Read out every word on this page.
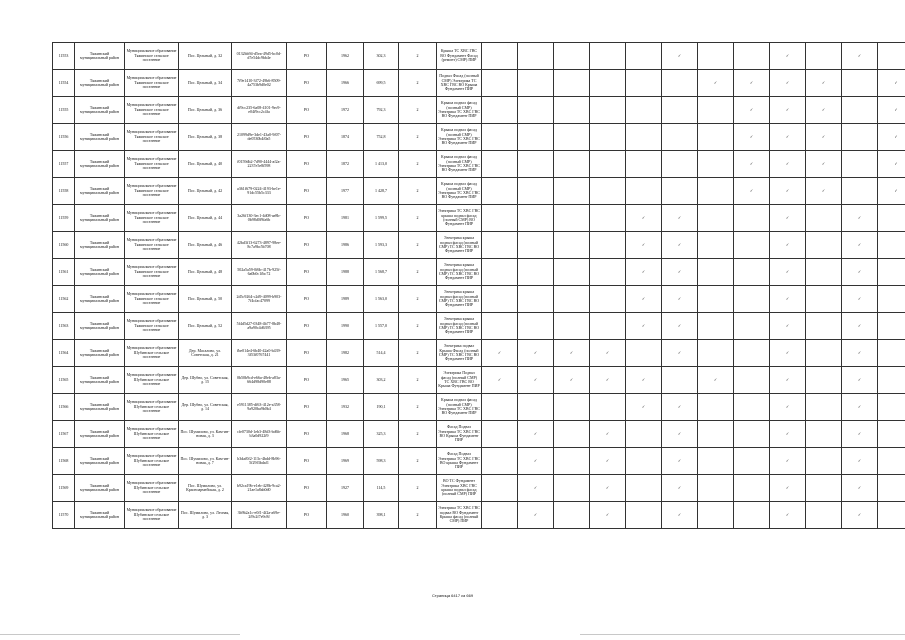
11553	Тяжинский муниципальный район	Муниципальное образование Тяжинское сельское поселение	Пос. Цельный, д. 32	0132bb94-d5ea-49d5-bc0d-d7e54dc9bb4e	РО	1962	302,3	2	Крыша ТС ХВС ГВС ВО Фундамент Фасад (ремонт) СМР) ПИР						✓			✓		✓	
11554	Тяжинский муниципальный район	Муниципальное образование Тяжинское сельское поселение	Пос. Цельный, д. 34	7f9e1410-3f72-49b6-8509-4a753b9d0e02	РО	1966	699,5	2	Подвал Фасад (полный СМР) Электрика ТС ХВС ГВС ВО Крыша Фундамент ПИР							✓	✓	✓	✓		✓
11555	Тяжинский муниципальный район	Муниципальное образование Тяжинское сельское поселение	Пос. Цельный, д. 36	df9cc235-6a08-4101-9ec9-e04f9cc2c4fa	РО	1972	792,3	2	Крыша подвал фасад (полный СМР) Электрика ТС ХВС ГВС ВО Фундамент ПИР								✓	✓	✓		✓
11556	Тяжинский муниципальный район	Муниципальное образование Тяжинское сельское поселение	Пос. Цельный, д. 38	21099d9e-3de1-43a0-9f07-de0530b4f0a5	РО	1874	752,8	2	Крыша подвал фасад (полный СМР) Электрика ТС ХВС ГВС ВО Фундамент ПИР								✓	✓	✓		✓
11557	Тяжинский муниципальный район	Муниципальное образование Тяжинское сельское поселение	Пос. Цельный, д. 40	f0159db2-7d90-4444-af2a-2237e5e8f598	РО	1872	1 413,0	2	Крыша подвал фасад (полный СМР) Электрика ТС ХВС ГВС ВО Фундамент ПИР								✓	✓	✓		✓
11558	Тяжинский муниципальный район	Муниципальное образование Тяжинское сельское поселение	Пос. Цельный, д. 42	a361f679-0224-4193-be1e-91dc55b5c333	РО	1977	1 428,7	2	Крыша подвал фасад (полный СМР) Электрика ТС ХВС ГВС ВО Фундамент ПИР								✓	✓	✓		✓
11559	Тяжинский муниципальный район	Муниципальное образование Тяжинское сельское поселение	Пос. Цельный, д. 44	3a26f130-3ec1-4d08-ae8b-0b98d0f9fa6b	РО	1981	1 599,5	2	Электрика ТС ХВС ГВС крыша подвал фасад (полный СМР) ВО Фундамент ПИР					✓	✓			✓		✓	
11560	Тяжинский муниципальный район	Муниципальное образование Тяжинское сельское поселение	Пос. Цельный, д. 46	42bd3f13-6273-4897-98ee-8c7a9bc5b708	РО	1986	1 593,3	2	Электрика крыша подвал фасад (полный СМР) ТС ХВС ГВС ВО Фундамент ПИР					✓	✓			✓		✓	
11561	Тяжинский муниципальный район	Муниципальное образование Тяжинское сельское поселение	Пос. Цельный, д. 48	502a5a59-0f6b-417b-925f-6a0b0c1fbc72	РО	1988	1 568,7	2	Электрика крыша подвал фасад (полный СМР) ТС ХВС ГВС ВО Фундамент ПИР					✓	✓			✓		✓	
11562	Тяжинский муниципальный район	Муниципальное образование Тяжинское сельское поселение	Пос. Цельный, д. 50	2d5c9264-c2d9-4099-b903-7f4cfac47099	РО	1989	1 563,0	2	Электрика крыша подвал фасад (полный СМР) ТС ХВС ГВС ВО Фундамент ПИР					✓	✓			✓		✓	
11563	Тяжинский муниципальный район	Муниципальное образование Тяжинское сельское поселение	Пос. Цельный, д. 52	5f4d5d27-0348-4b77-8b48-a9a90c4d6395	РО	1990	1 557,0	2	Электрика крыша подвал фасад (полный СМР) ТС ХВС ГВС ВО Фундамент ПИР					✓	✓			✓		✓	
11564	Тяжинский муниципальный район	Муниципальное образование Шубинское сельское поселение	Дер. Масалово, ул. Советская, д. 21	fbe014e4-6b40-42a0-b439-3f53f0767441	РО	1982	514,4	2	Электрика подвал Крыша Фасад (полный СМР) ТС ХВС ГВС ВО Фундамент ПИР	✓	✓	✓	✓		✓			✓		✓	
11565	Тяжинский муниципальный район	Муниципальное образование Шубинское сельское поселение	Дер. Шубно, ул. Советская, д. 15	0b50b9cd-e66a-48eb-a83a-664d98d90e88	РО	1965	303,2	2	Электрика Подвал фасад (полный СМР) ТС ХВС ГВС ВО Крыша Фундамент ПИР	✓	✓	✓	✓	✓		✓		✓		✓	
11566	Тяжинский муниципальный район	Муниципальное образование Шубинское сельское поселение	Дер. Шубно, ул. Советская, д. 14	e5911385-df63-412e-a358-9a920ba9b0b4	РО	1932	190,1	2	Крыша подвал фасад (полный СМР) Электрика ТС ХВС ГВС ВО Фундамент ПИР					✓	✓			✓		✓	
11567	Тяжинский муниципальный район	Муниципальное образование Шубинское сельское поселение	Пос. Шумилово, ул. Кам-ин-новая, д. 3	cfe0730d-1eb3-48d3-bd6b-b3a0d922f9	РО	1968	325,3	2	Фасад Подвал Электрика ТС ХВС ГВС ВО Крыша Фундамент ПИР		✓		✓		✓			✓		✓	
11568	Тяжинский муниципальный район	Муниципальное образование Шубинское сельское поселение	Пос. Шумилово, ул. Кам-ин-новая, д. 7	b3daf0f2-113c-4bdd-8b96-5f29f3bdaf1	РО	1969	598,3	2	Фасад Подвал Электрика ТС ХВС ГВС ВО крыша Фундамент ПИР		✓		✓		✓			✓		✓	
11569	Тяжинский муниципальный район	Муниципальное образование Шубинское сельское поселение	Пос. Шумилово, ул. Красноармейская, д. 2	b92ca19b-e1eb-428b-9ca2-21ae1a8ab0d0	РО	1927	114,5	2	ВО ТС Фундамент Электрика ХВС ГВС крыша подвал фасад (полный СМР) ПИР		✓		✓		✓			✓		✓	
11570	Тяжинский муниципальный район	Муниципальное образование Шубинское сельское поселение	Пос. Шумилово, ул. Лесная, д. 3	3b9b2a1c-e0f1-4f2a-a69e-2f9c2f7e9c8f	РО	1960	398,1	2	Электрика ТС ХВС ГВС подвал ВО Фундамент Крыша фасад (полный СМР) ПИР		✓		✓		✓			✓		✓	
Страница 6417 из 669
